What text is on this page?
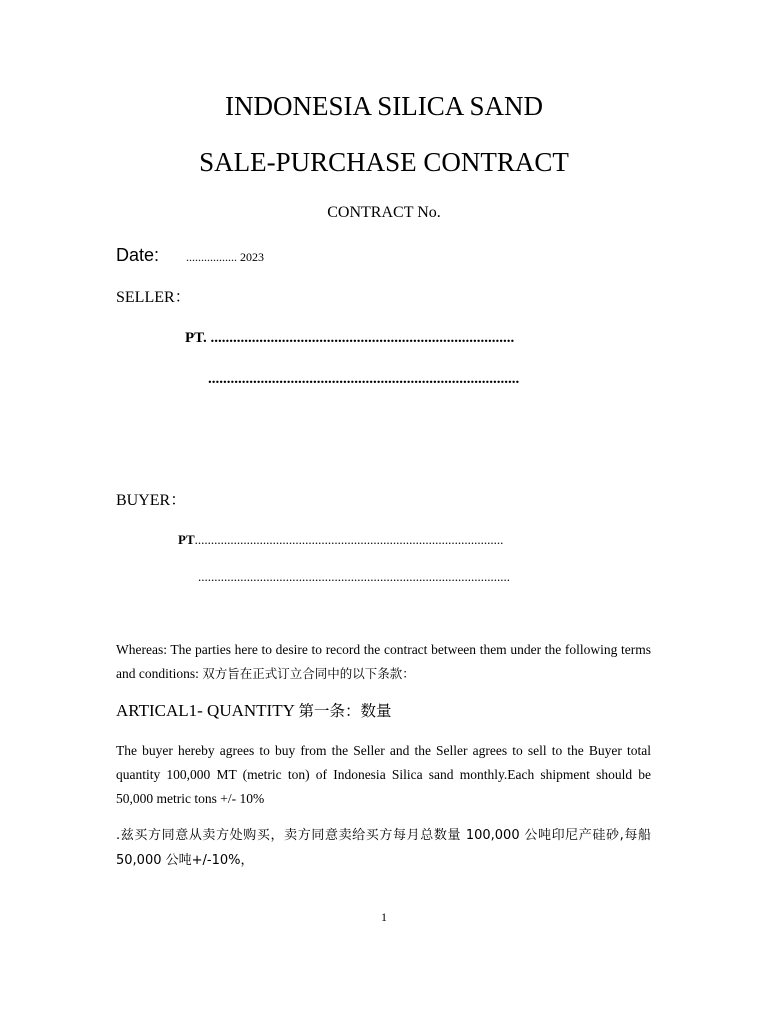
INDONESIA SILICA SAND
SALE-PURCHASE CONTRACT
CONTRACT No.
Date: ................. 2023
SELLER：
PT. .................................................................................
...................................................................................
BUYER：
PT...............................................................................................
................................................................................................
Whereas: The parties here to desire to record the contract between them under the following terms and conditions: 双方旨在正式订立合同中的以下条款：
ARTICAL1- QUANTITY 第一条：数量
The buyer hereby agrees to buy from the Seller and the Seller agrees to sell to the Buyer total quantity 100,000 MT (metric ton) of Indonesia Silica sand monthly.Each shipment should be 50,000 metric tons +/- 10%
.兹买方同意从卖方处购买，卖方同意卖给买方每月总数量 100,000 公吨印尼产硅砂,每船 50,000 公吨+/-10%，
1
